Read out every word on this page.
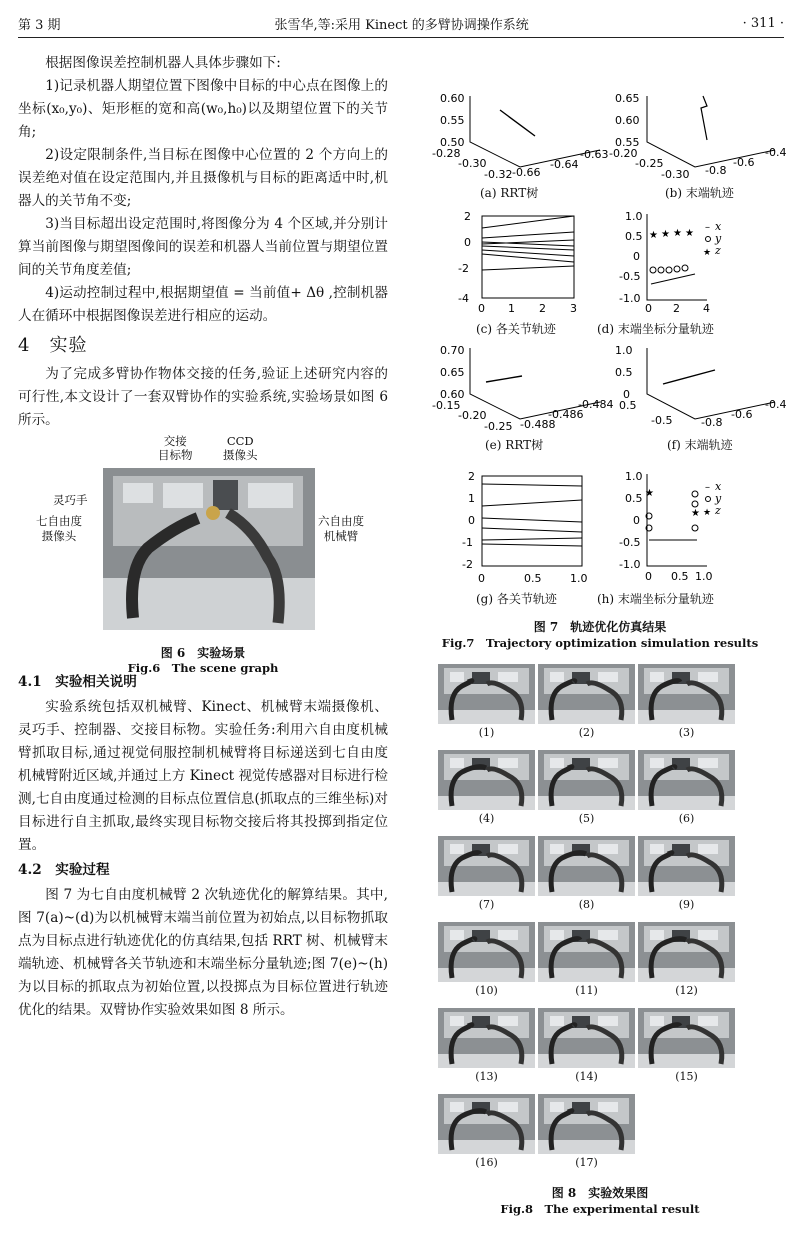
第 3 期	张雪华,等:采用 Kinect 的多臂协调操作系统	· 311 ·

根据图像误差控制机器人具体步骤如下:

1)记录机器人期望位置下图像中目标的中心点在图像上的坐标(x₀,y₀)、矩形框的宽和高(w₀,h₀)以及期望位置下的关节角;

2)设定限制条件,当目标在图像中心位置的 2 个方向上的误差绝对值在设定范围内,并且摄像机与目标的距离适中时,机器人的关节角不变;

3)当目标超出设定范围时,将图像分为 4 个区域,并分别计算当前图像与期望图像间的误差和机器人当前位置与期望位置间的关节角度差值;

4)运动控制过程中,根据期望值 = 当前值+ Δθ ,控制机器人在循环中根据图像误差进行相应的运动。

4　实验

为了完成多臂协作物体交接的任务,验证上述研究内容的可行性,本文设计了一套双臂协作的实验系统,实验场景如图 6 所示。

交接
目标物
CCD
摄像头
灵巧手
七自由度
摄像头
六自由度
机械臂
图 6　实验场景
Fig.6　The scene graph
4.1　实验相关说明

实验系统包括双机械臂、Kinect、机械臂末端摄像机、灵巧手、控制器、交接目标物。实验任务:利用六自由度机械臂抓取目标,通过视觉伺服控制机械臂将目标递送到七自由度机械臂附近区域,并通过上方 Kinect 视觉传感器对目标进行检测,七自由度通过检测的目标点位置信息(抓取点的三维坐标)对目标进行自主抓取,最终实现目标物交接后将其投掷到指定位置。

4.2　实验过程

图 7 为七自由度机械臂 2 次轨迹优化的解算结果。其中,图 7(a)~(d)为以机械臂末端当前位置为初始点,以目标物抓取点为目标点进行轨迹优化的仿真结果,包括 RRT 树、机械臂末端轨迹、机械臂各关节轨迹和末端坐标分量轨迹;图 7(e)~(h)为以目标的抓取点为初始位置,以投掷点为目标位置进行轨迹优化的结果。双臂协作实验效果如图 8 所示。

0.60
0.55
0.50
-0.28
-0.30
-0.32 -0.66
-0.64
-0.63
(a) RRT树
0.65
0.60
0.55
-0.20
-0.25
-0.30 -0.8
-0.6
-0.4
(b) 末端轨迹
2
0
-2
-4
0 1 2 3
(c) 各关节轨迹
★ ★ ★ ★
x
y
z
–
★
1.0
0.5
0
-0.5
-1.0
0 2 4
(d) 末端坐标分量轨迹
0.70
0.65
0.60
-0.15
-0.20
-0.25 -0.488
-0.486
-0.484
(e) RRT树
1.0
0.5
0
0.5
-0.5	-0.8
-0.6
-0.4
(f) 末端轨迹
2
1
0
-1
-2
0	0.5	1.0
(g) 各关节轨迹
★
★
x
y
z
–
★
1.0
0.5
0
-0.5
-1.0
0 0.5 1.0
(h) 末端坐标分量轨迹
图 7　轨迹优化仿真结果
Fig.7　Trajectory optimization simulation results
(1)	(2)	(3)
(4)	(5)	(6)
(7)	(8)	(9)
(10)	(11)	(12)
(13)	(14)	(15)
(16)	(17)
图 8　实验效果图
Fig.8　The experimental result
